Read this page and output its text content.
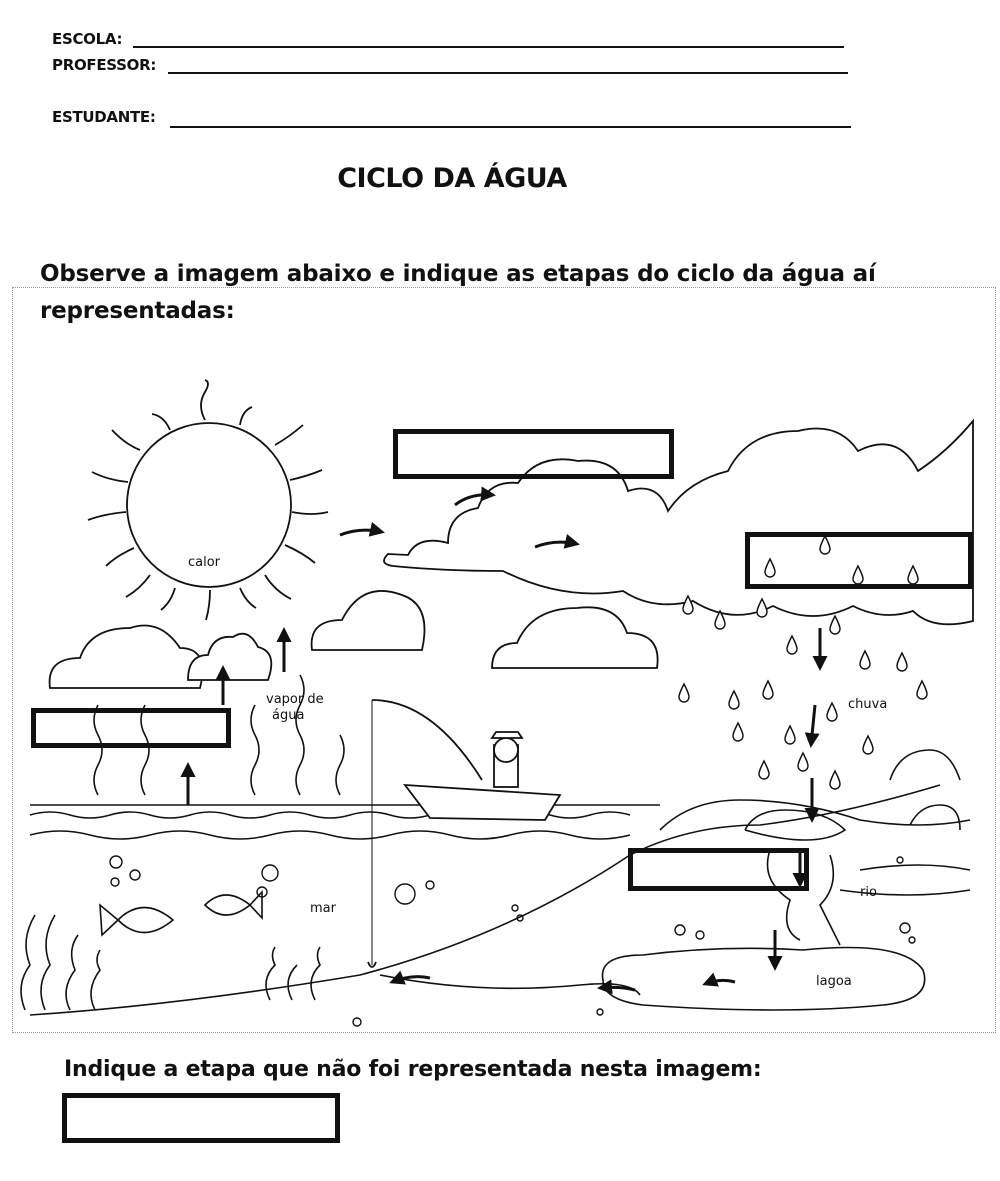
ESCOLA:
PROFESSOR:
ESTUDANTE:
CICLO DA ÁGUA
Observe a imagem abaixo e indique as etapas do ciclo da água aí representadas:
calor
chuva
vapor de
água
mar
rio
lagoa
Indique a etapa que não foi representada nesta imagem:
